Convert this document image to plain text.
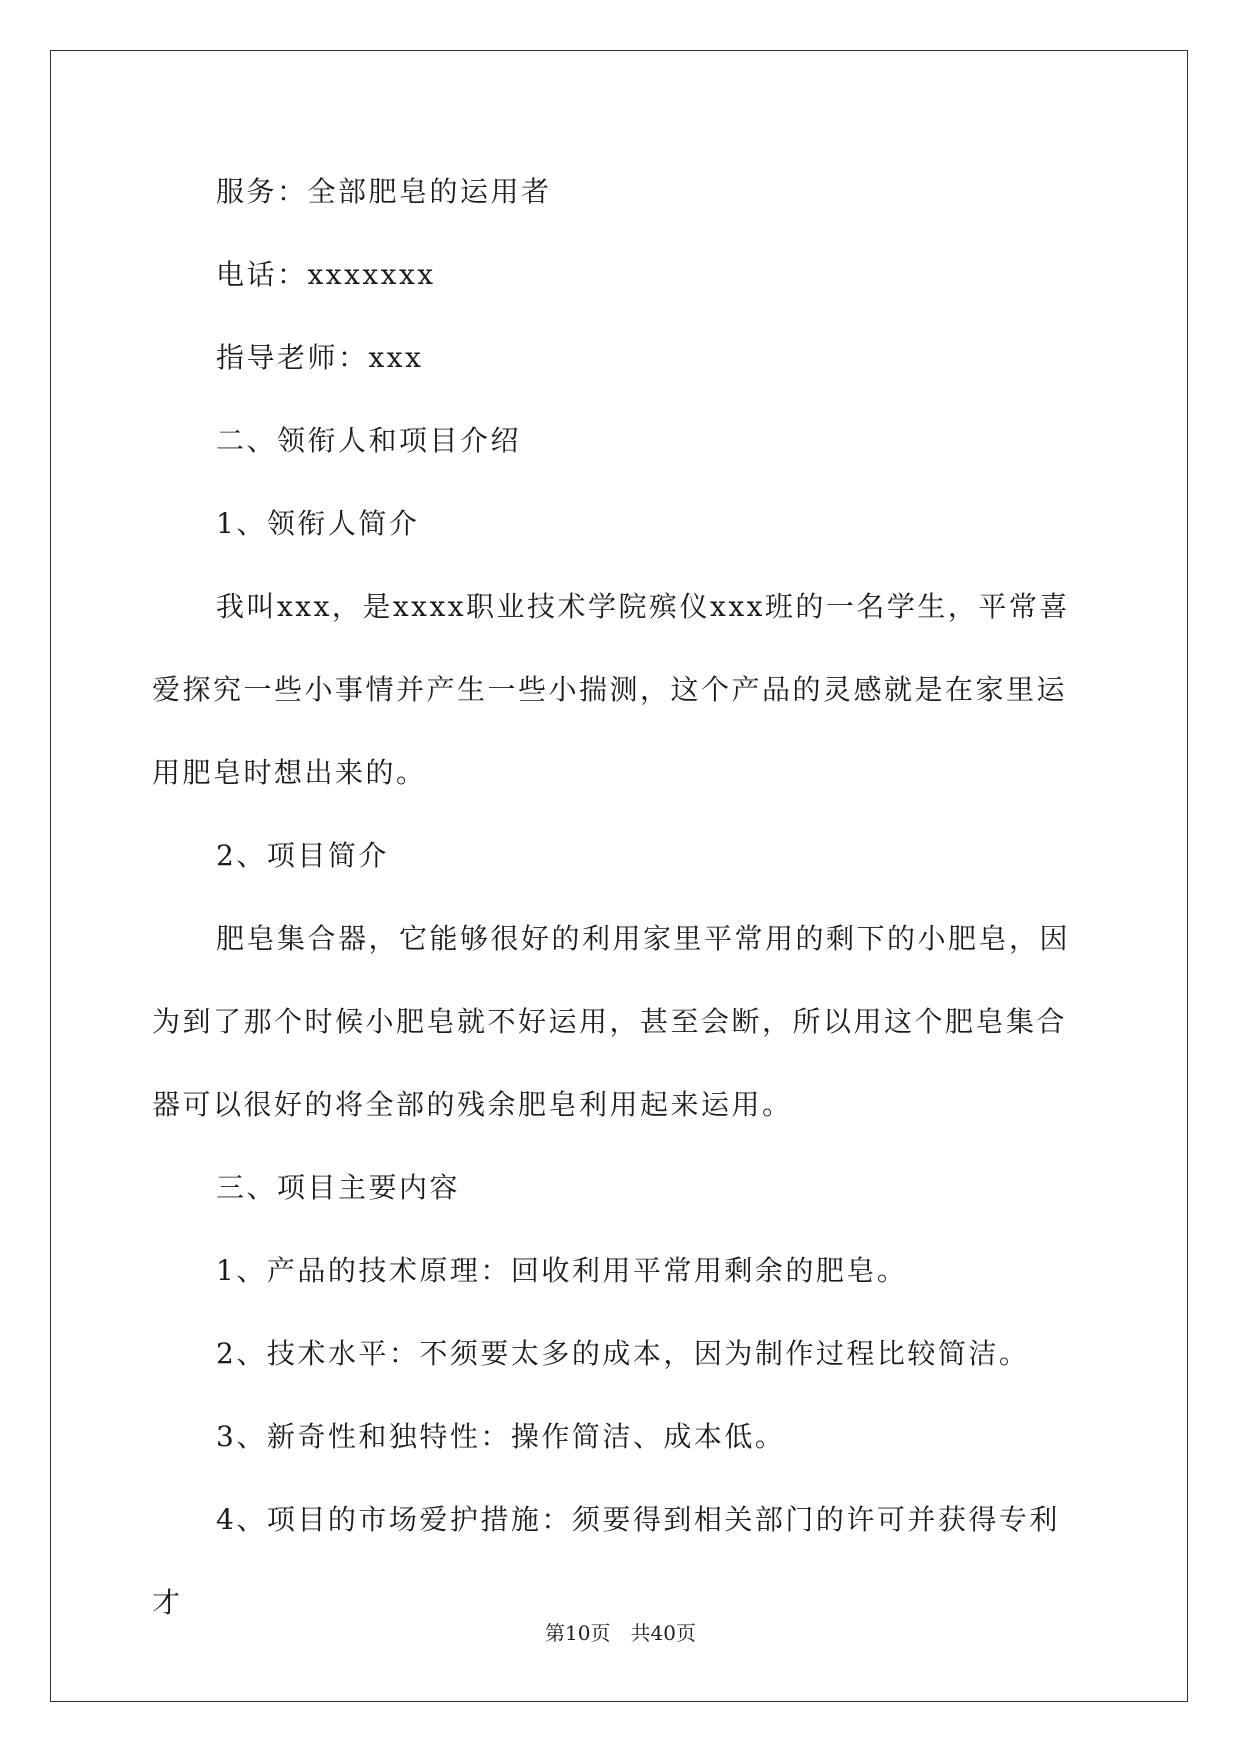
服务：全部肥皂的运用者

电话：xxxxxxx

指导老师：xxx

二、领衔人和项目介绍

1、领衔人简介

我叫xxx，是xxxx职业技术学院殡仪xxx班的一名学生，平常喜爱探究一些小事情并产生一些小揣测，这个产品的灵感就是在家里运用肥皂时想出来的。

2、项目简介

肥皂集合器，它能够很好的利用家里平常用的剩下的小肥皂，因为到了那个时候小肥皂就不好运用，甚至会断，所以用这个肥皂集合器可以很好的将全部的残余肥皂利用起来运用。

三、项目主要内容

1、产品的技术原理：回收利用平常用剩余的肥皂。

2、技术水平：不须要太多的成本，因为制作过程比较简洁。

3、新奇性和独特性：操作简洁、成本低。

4、项目的市场爱护措施：须要得到相关部门的许可并获得专利才

第10页 共40页
